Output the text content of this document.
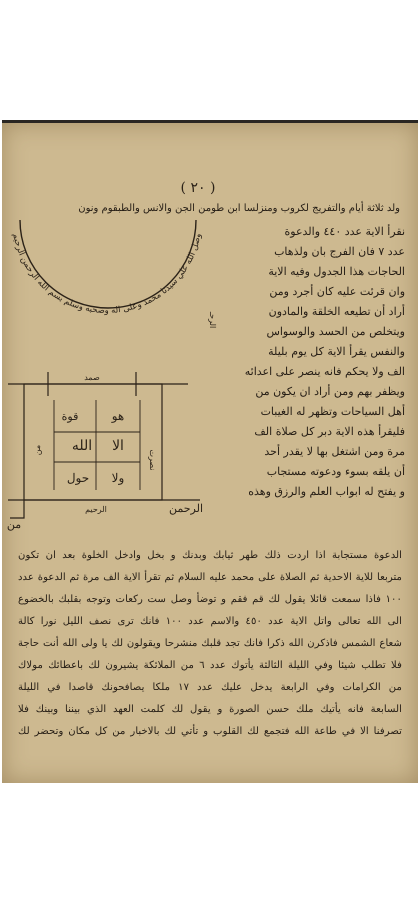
( ٢٠ )
ولد ثلاثة أيام والتفريج لكروب ومنزلسا ابن طومن الجن والانس والطبقوم ونون
نقرأ الاية عدد ٤٤٠ والدعوة
عدد ٧ فان الفرج بان ولذهاب
الحاجات هذا الجدول وفيه الاية
وان قرئت عليه كان أجرد ومن
أراد أن تطيعه الخلقة والمادون
ويتخلص من الحسد والوسواس
والنفس يقرأ الاية كل يوم بليلة
الف ولا يحكم فانه ينصر على اعدائه
ويظفر بهم ومن أراد ان يكون من
أهل السياحات وتظهر له الغيبات
فليقرأ هذه الاية دبر كل صلاة الف
مرة ومن اشتغل بها لا يقدر أحد
أن يلقه بسوء ودعوته مستجاب
و يفتح له ابواب العلم والرزق وهذه
الدعوة مستجابة اذا اردت ذلك طهر ثيابك وبدنك و بخل وادخل الخلوة بعد ان تكون
متربعا للاية الاحدية ثم الصلاة على محمد عليه السلام ثم تقرأ الاية الف مرة ثم الدعوة عدد
١٠٠ فاذا سمعت قائلا يقول لك قم فقم و توضأ وصل ست ركعات وتوجه بقلبك بالخضوع
الى الله تعالى واتل الاية عدد ٤٥٠ والاسم عدد ١٠٠ فانك ترى نصف الليل نورا كالة
شعاع الشمس فاذكرن الله ذكرا فانك تجد قلبك منشرحا ويقولون لك يا ولى الله أنت حاجة
فلا تطلب شيئا وفي الليلة الثالثة يأتوك عدد ٦ من الملائكة يشيرون لك باعطائك مولاك
من الكرامات وفي الرابعة يدخل عليك عدد ١٧ ملكا يصافحونك قاصدا في الليلة
السابعة فانه يأتيك ملك حسن الصورة و يقول لك كلمت العهد الذي بيننا وبينك فلا
تصرفنا الا في طاعة الله فتجمع لك القلوب و تأتي لك بالاخبار من كل مكان وتحضر لك
وصل الله علي سيدنا محمد وعلى اله وصحبه وسلم بسم الله الرحمن الرحيم
قوة
الله الا
ولا
حول
هو
الرحمن
من
صمد
نصرت
من
الرحيم
الرحـ
